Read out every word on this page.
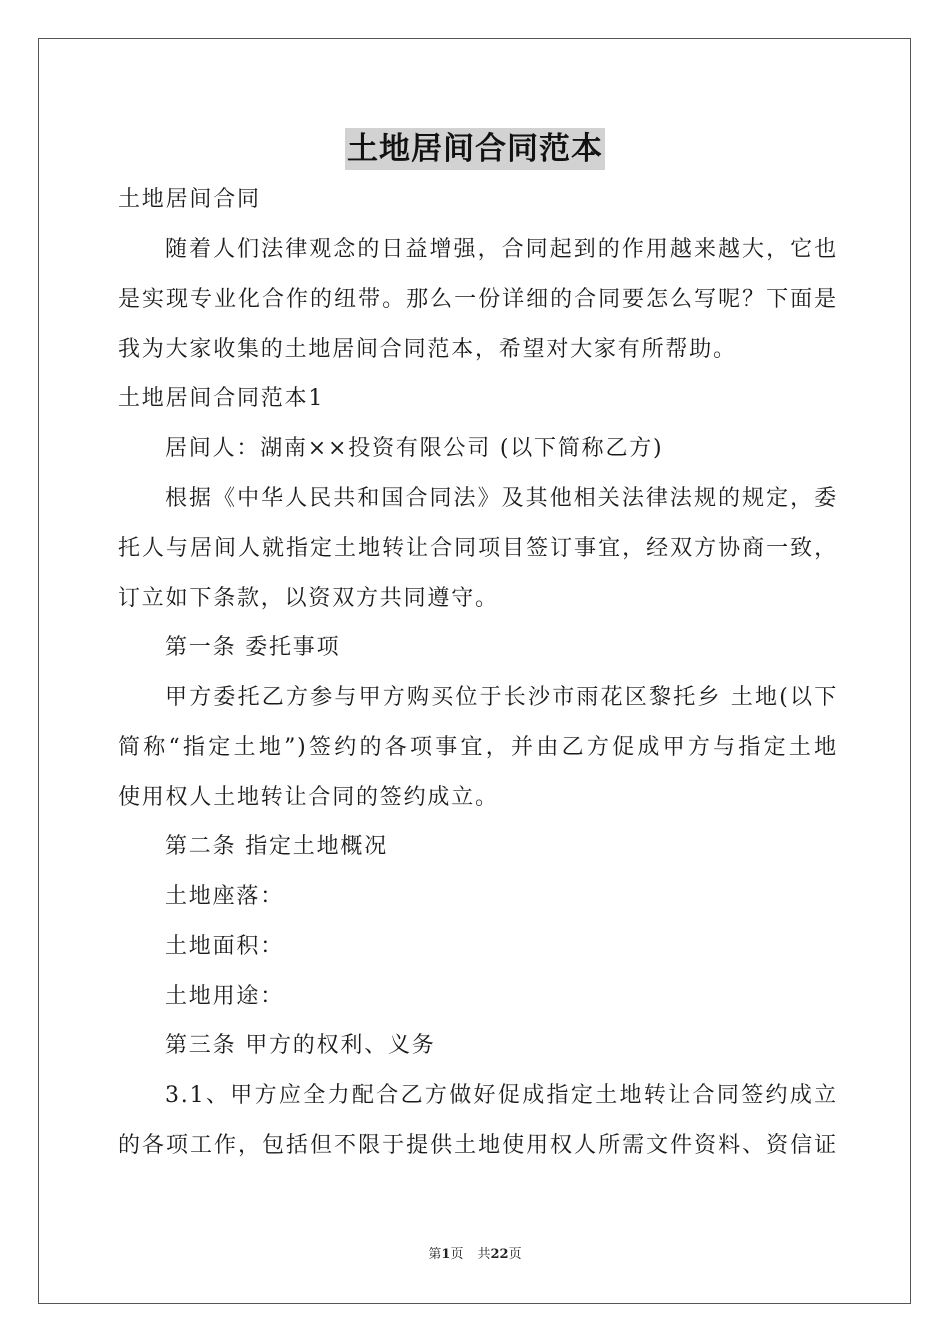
土地居间合同范本
土地居间合同
随着人们法律观念的日益增强，合同起到的作用越来越大，它也
是实现专业化合作的纽带。那么一份详细的合同要怎么写呢？下面是
我为大家收集的土地居间合同范本，希望对大家有所帮助。
土地居间合同范本1
居间人：湖南××投资有限公司 (以下简称乙方)
根据《中华人民共和国合同法》及其他相关法律法规的规定，委
托人与居间人就指定土地转让合同项目签订事宜，经双方协商一致，
订立如下条款，以资双方共同遵守。
第一条 委托事项
甲方委托乙方参与甲方购买位于长沙市雨花区黎托乡 土地(以下
简称“指定土地”)签约的各项事宜，并由乙方促成甲方与指定土地
使用权人土地转让合同的签约成立。
第二条 指定土地概况
土地座落：
土地面积：
土地用途：
第三条 甲方的权利、义务
3.1、甲方应全力配合乙方做好促成指定土地转让合同签约成立
的各项工作，包括但不限于提供土地使用权人所需文件资料、资信证
第1页 共22页
